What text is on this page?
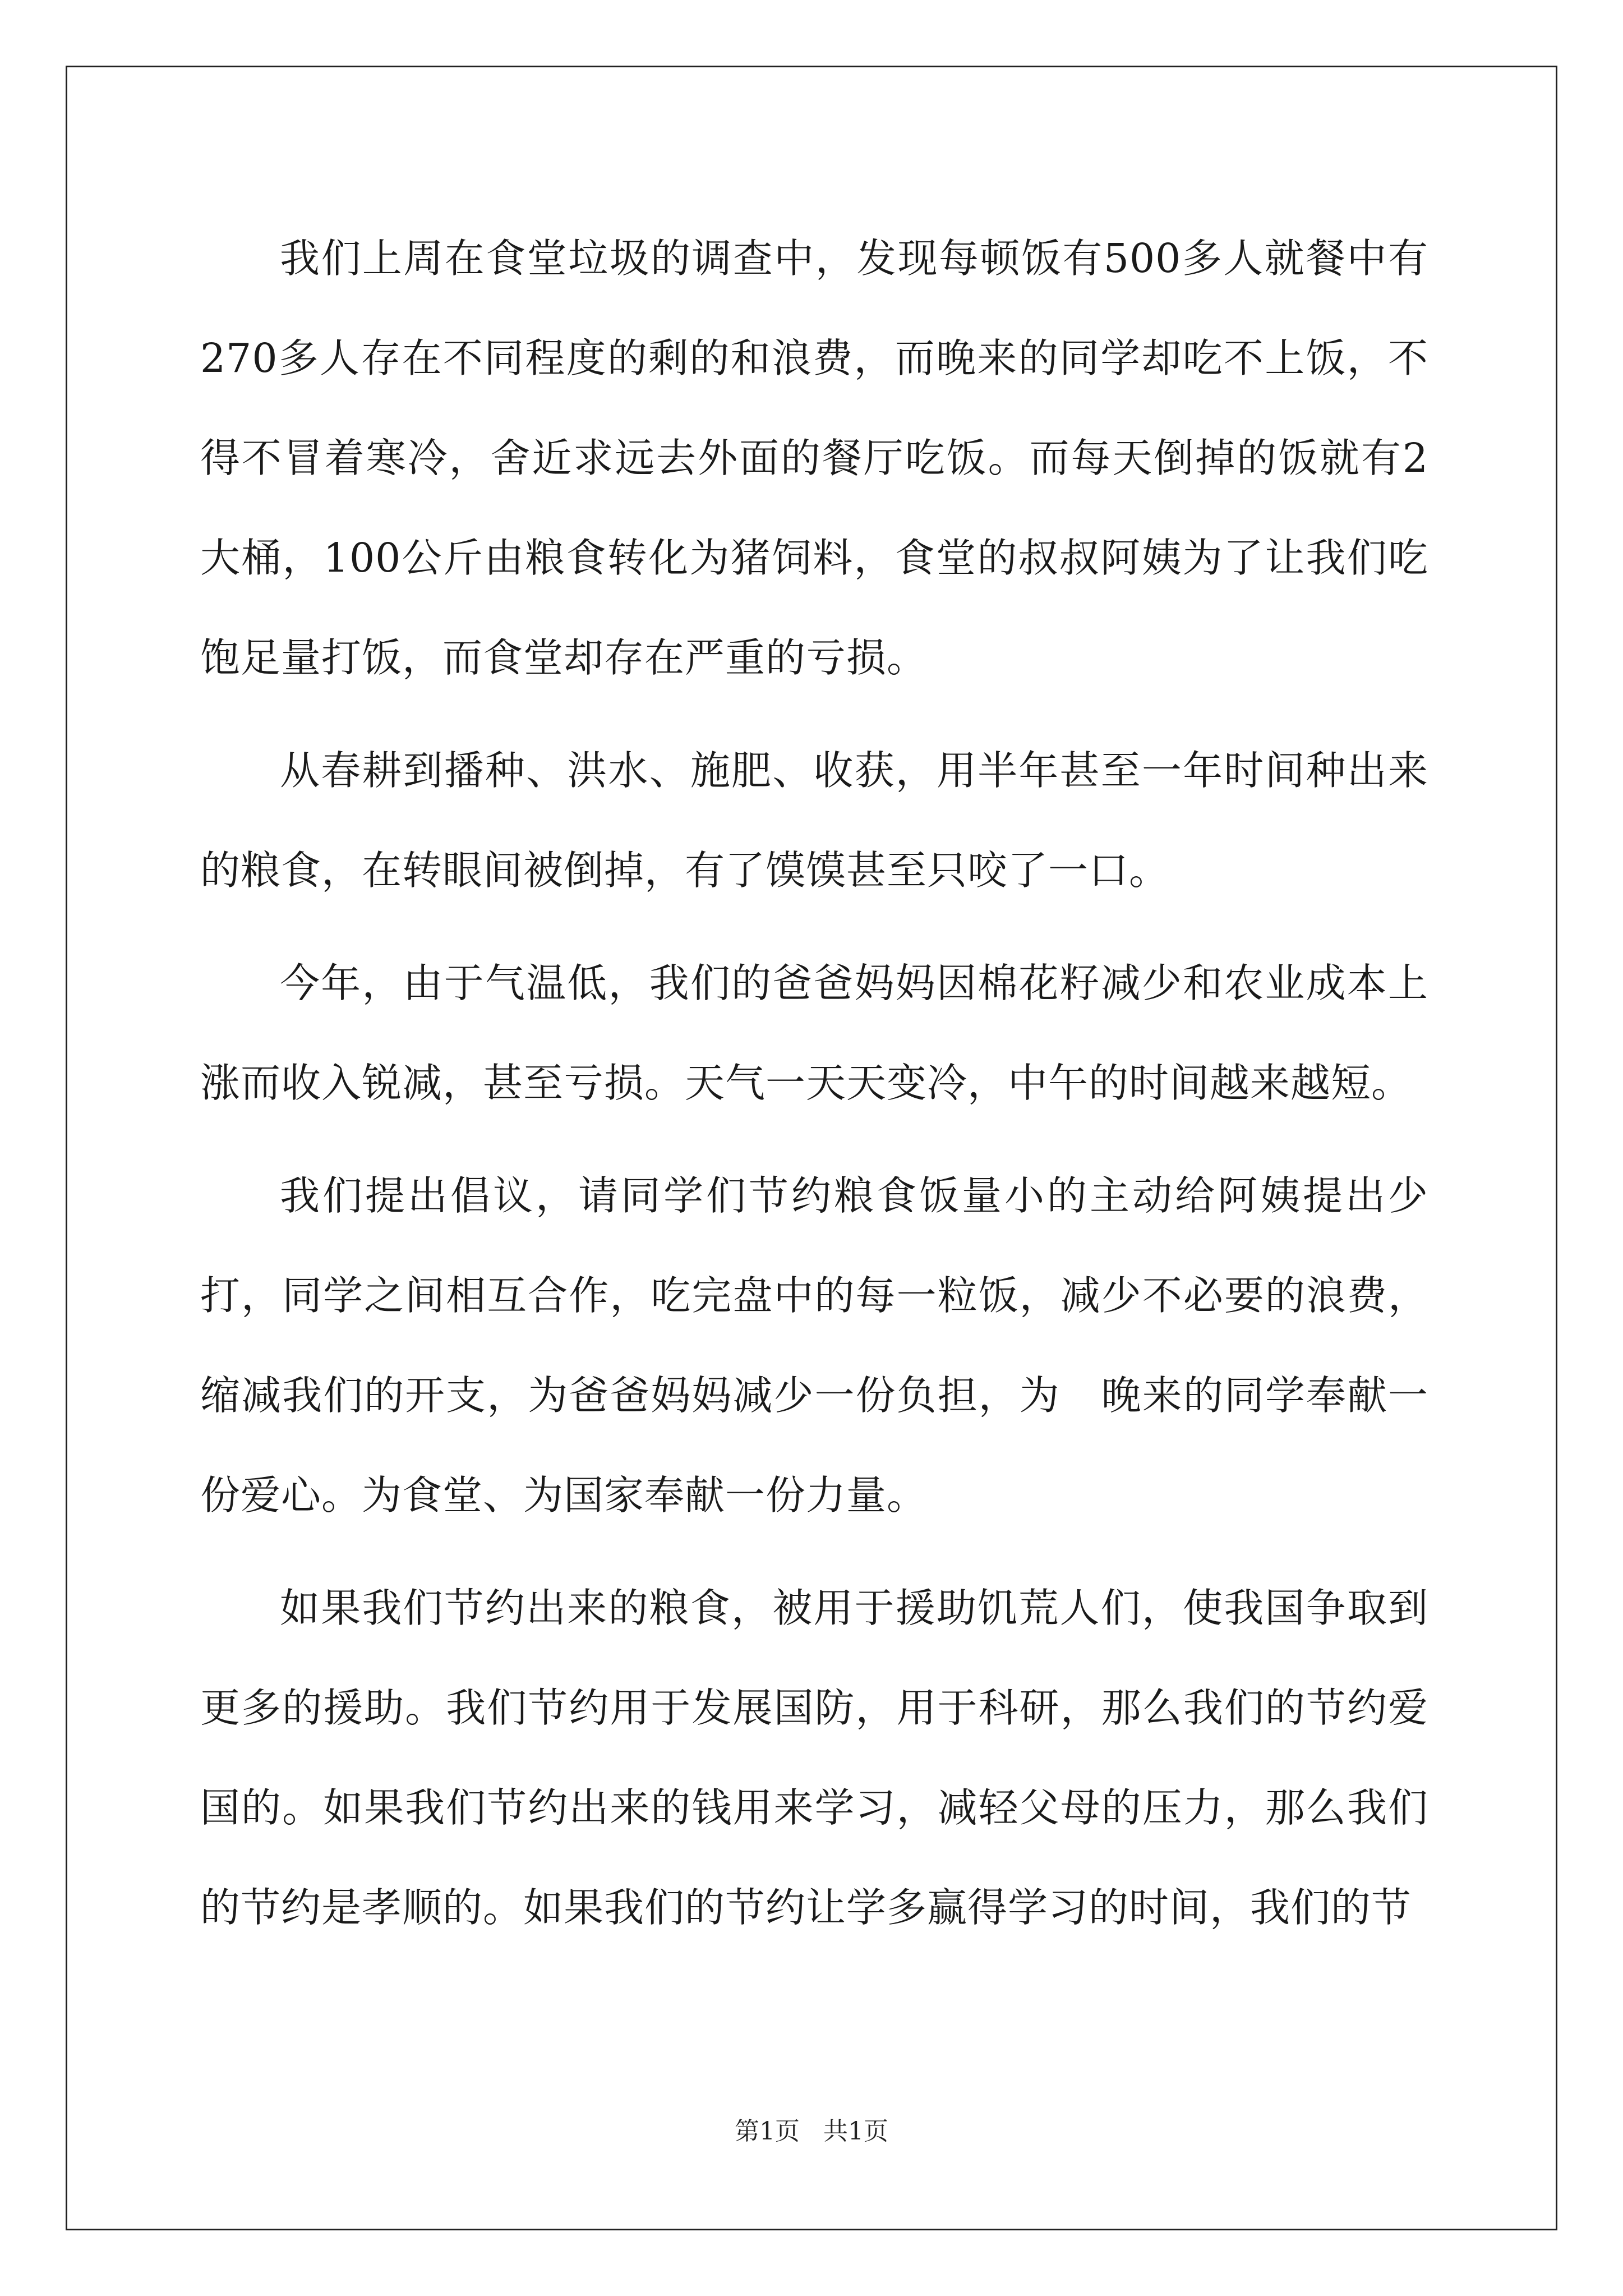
我们上周在食堂垃圾的调查中，发现每顿饭有500多人就餐中有270多人存在不同程度的剩的和浪费，而晚来的同学却吃不上饭，不得不冒着寒冷，舍近求远去外面的餐厅吃饭。而每天倒掉的饭就有2大桶，100公斤由粮食转化为猪饲料，食堂的叔叔阿姨为了让我们吃饱足量打饭，而食堂却存在严重的亏损。

从春耕到播种、洪水、施肥、收获，用半年甚至一年时间种出来的粮食，在转眼间被倒掉，有了馍馍甚至只咬了一口。

今年，由于气温低，我们的爸爸妈妈因棉花籽减少和农业成本上涨而收入锐减，甚至亏损。天气一天天变冷，中午的时间越来越短。

我们提出倡议，请同学们节约粮食饭量小的主动给阿姨提出少打，同学之间相互合作，吃完盘中的每一粒饭，减少不必要的浪费，缩减我们的开支，为爸爸妈妈减少一份负担，为　晚来的同学奉献一份爱心。为食堂、为国家奉献一份力量。

如果我们节约出来的粮食，被用于援助饥荒人们，使我国争取到更多的援助。我们节约用于发展国防，用于科研，那么我们的节约爱国的。如果我们节约出来的钱用来学习，减轻父母的压力，那么我们的节约是孝顺的。如果我们的节约让学多赢得学习的时间，我们的节

第1页 共1页
